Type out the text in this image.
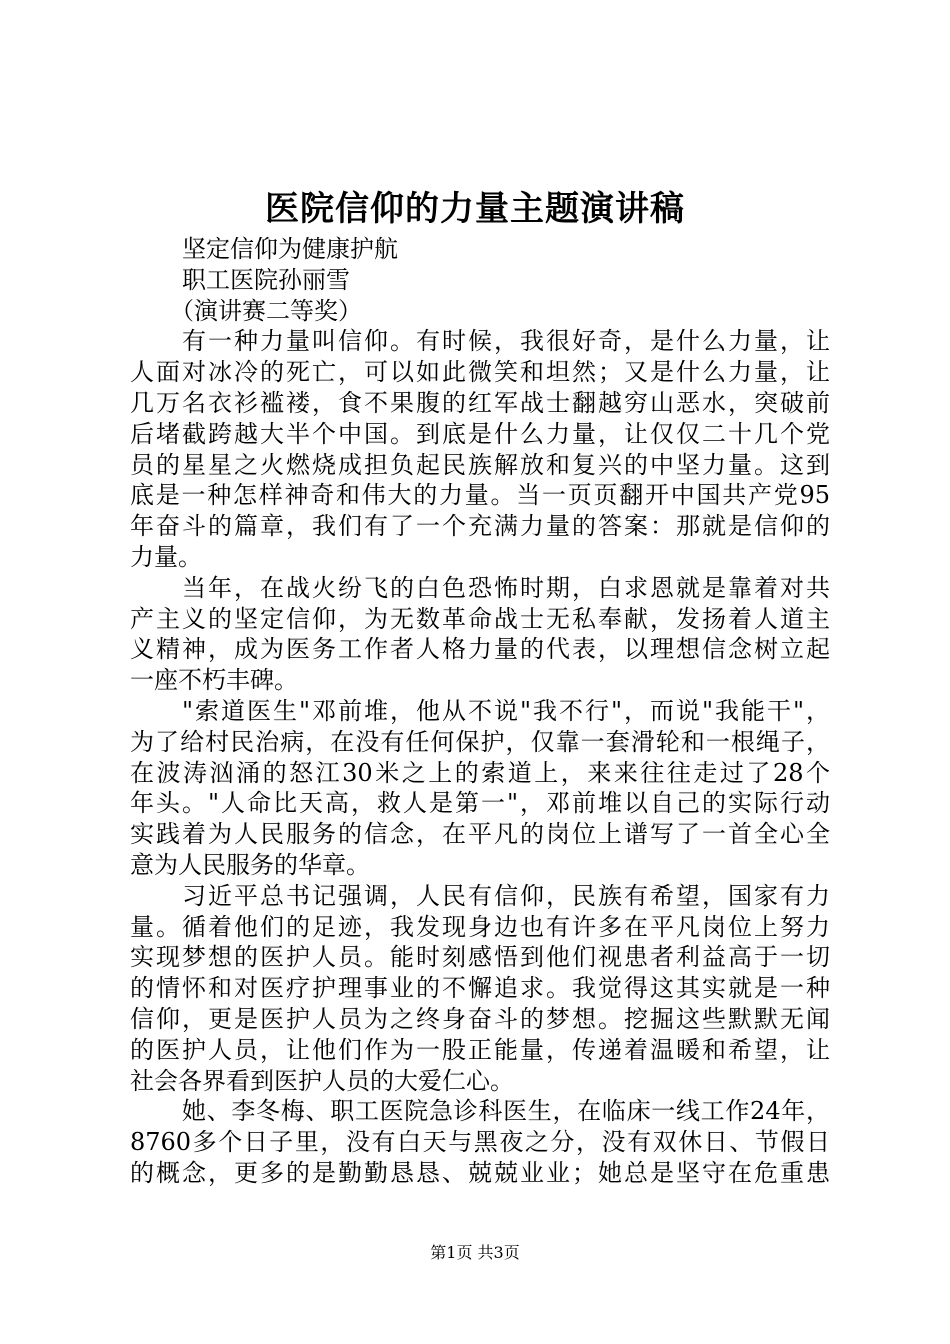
医院信仰的力量主题演讲稿
坚定信仰为健康护航
职工医院孙丽雪
（演讲赛二等奖）
有一种力量叫信仰。有时候，我很好奇，是什么力量，让
人面对冰冷的死亡，可以如此微笑和坦然；又是什么力量，让
几万名衣衫褴褛，食不果腹的红军战士翻越穷山恶水，突破前
后堵截跨越大半个中国。到底是什么力量，让仅仅二十几个党
员的星星之火燃烧成担负起民族解放和复兴的中坚力量。这到
底是一种怎样神奇和伟大的力量。当一页页翻开中国共产党95
年奋斗的篇章，我们有了一个充满力量的答案：那就是信仰的
力量。
当年，在战火纷飞的白色恐怖时期，白求恩就是靠着对共
产主义的坚定信仰，为无数革命战士无私奉献，发扬着人道主
义精神，成为医务工作者人格力量的代表，以理想信念树立起
一座不朽丰碑。
"索道医生"邓前堆，他从不说"我不行"，而说"我能干"，
为了给村民治病，在没有任何保护，仅靠一套滑轮和一根绳子，
在波涛汹涌的怒江30米之上的索道上，来来往往走过了28个
年头。"人命比天高，救人是第一"，邓前堆以自己的实际行动
实践着为人民服务的信念，在平凡的岗位上谱写了一首全心全
意为人民服务的华章。
习近平总书记强调，人民有信仰，民族有希望，国家有力
量。循着他们的足迹，我发现身边也有许多在平凡岗位上努力
实现梦想的医护人员。能时刻感悟到他们视患者利益高于一切
的情怀和对医疗护理事业的不懈追求。我觉得这其实就是一种
信仰，更是医护人员为之终身奋斗的梦想。挖掘这些默默无闻
的医护人员，让他们作为一股正能量，传递着温暖和希望，让
社会各界看到医护人员的大爱仁心。
她、李冬梅、职工医院急诊科医生，在临床一线工作24年，
8760多个日子里，没有白天与黑夜之分，没有双休日、节假日
的概念，更多的是勤勤恳恳、兢兢业业；她总是坚守在危重患
第1页 共3页
